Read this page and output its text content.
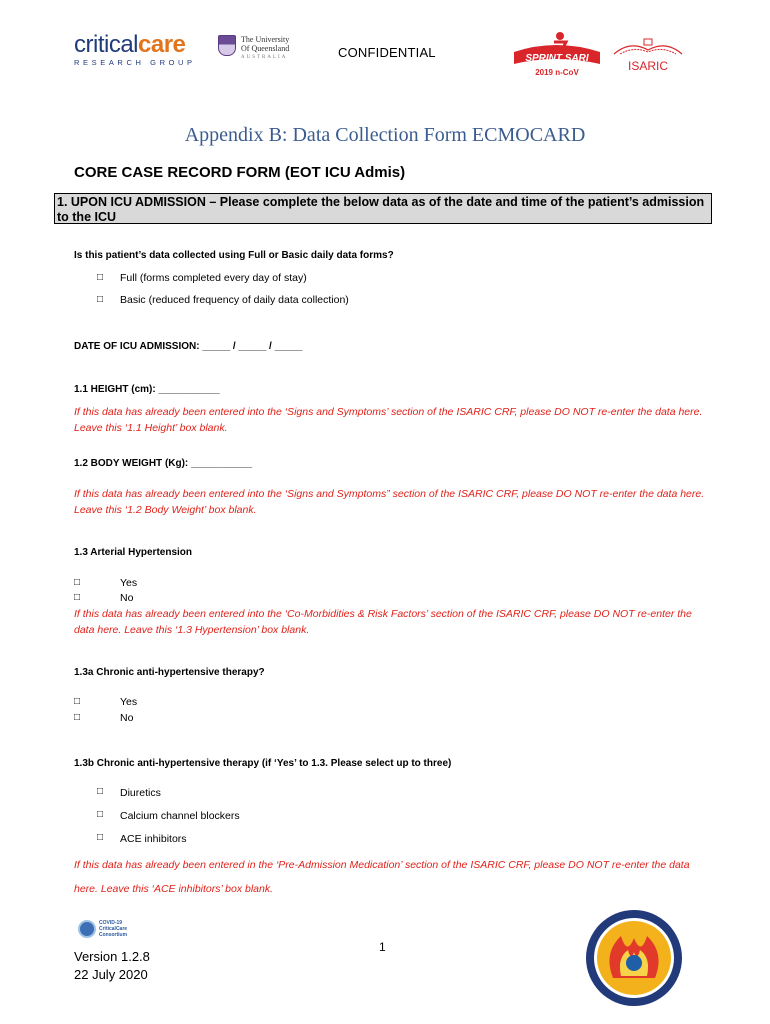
criticalcare
RESEARCH GROUP
The University
Of Queensland
AUSTRALIA	CONFIDENTIAL	SPRINT SARI
2019 n-CoV	ISARIC
Appendix B: Data Collection Form ECMOCARD
CORE CASE RECORD FORM (EOT ICU Admis)
1. UPON ICU ADMISSION – Please complete the below data as of the date and time of the patient’s admission to the ICU
Is this patient’s data collected using Full or Basic daily data forms?
□ Full (forms completed every day of stay)
□ Basic (reduced frequency of daily data collection)
DATE OF ICU ADMISSION: _____ / _____ / _____
1.1 HEIGHT (cm): ___________
If this data has already been entered into the ‘Signs and Symptoms’ section of the ISARIC CRF, please DO NOT re-enter the data here. Leave this ‘1.1 Height’ box blank.
1.2 BODY WEIGHT (Kg): ___________
If this data has already been entered into the ‘Signs and Symptoms” section of the ISARIC CRF, please DO NOT re-enter the data here. Leave this ‘1.2 Body Weight’ box blank.
1.3 Arterial Hypertension
□	Yes
□	No
If this data has already been entered into the ‘Co-Morbidities & Risk Factors’ section of the ISARIC CRF, please DO NOT re-enter the data here. Leave this ‘1.3 Hypertension’ box blank.
1.3a Chronic anti-hypertensive therapy?
□	Yes
□	No
1.3b Chronic anti-hypertensive therapy (if ‘Yes’ to 1.3. Please select up to three)
□ Diuretics
□ Calcium channel blockers
□ ACE inhibitors
If this data has already been entered in the ‘Pre-Admission Medication’ section of the ISARIC CRF, please DO NOT re-enter the data here. Leave this ‘ACE inhibitors’ box blank.
COVID-19 CriticalCare Consortium
1
Version 1.2.8
22 July 2020
